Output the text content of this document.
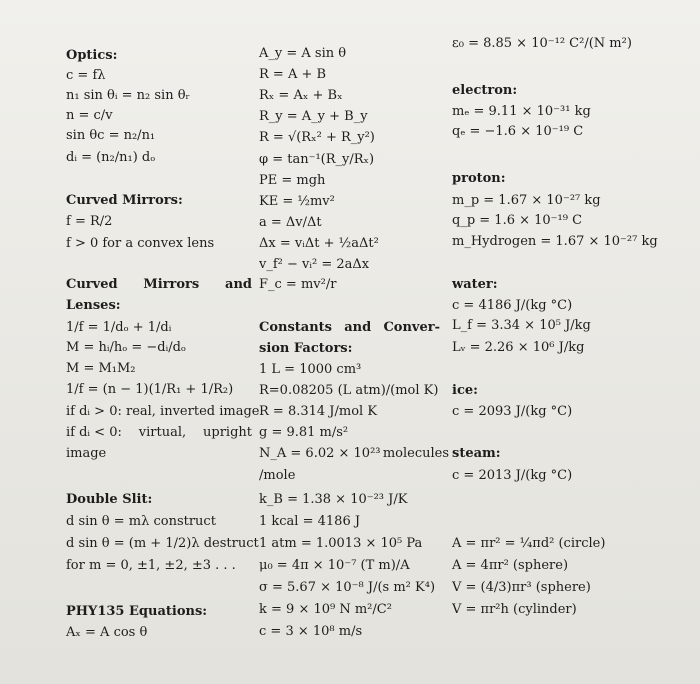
Optics:
c = fλ
n₁ sin θᵢ = n₂ sin θᵣ
n = c/v
sin θc = n₂/n₁
dᵢ = (n₂/n₁) dₒ
Curved Mirrors:
f = R/2
f > 0 for a convex lens
Curved Mirrors and
Lenses:
1/f = 1/dₒ + 1/dᵢ
M = hᵢ/hₒ = −dᵢ/dₒ
M = M₁M₂
1/f = (n − 1)(1/R₁ + 1/R₂)
if dᵢ > 0: real, inverted image
if dᵢ < 0: virtual, upright
image
Double Slit:
d sin θ = mλ construct
d sin θ = (m + 1/2)λ destruct
for m = 0, ±1, ±2, ±3 . . .
PHY135 Equations:
Aₓ = A cos θ
A_y = A sin θ
R = A + B
Rₓ = Aₓ + Bₓ
R_y = A_y + B_y
R = √(Rₓ² + R_y²)
φ = tan⁻¹(R_y/Rₓ)
PE = mgh
KE = ½mv²
a = Δv/Δt
Δx = vᵢΔt + ½aΔt²
v_f² − vᵢ² = 2aΔx
F_c = mv²/r
Constants and Conver-
sion Factors:
1 L = 1000 cm³
R=0.08205 (L atm)/(mol K)
R = 8.314 J/mol K
g = 9.81 m/s²
N_A = 6.02 × 10²³ molecules
/mole
k_B = 1.38 × 10⁻²³ J/K
1 kcal = 4186 J
1 atm = 1.0013 × 10⁵ Pa
μ₀ = 4π × 10⁻⁷ (T m)/A
σ = 5.67 × 10⁻⁸ J/(s m² K⁴)
k = 9 × 10⁹ N m²/C²
c = 3 × 10⁸ m/s
ε₀ = 8.85 × 10⁻¹² C²/(N m²)
electron:
mₑ = 9.11 × 10⁻³¹ kg
qₑ = −1.6 × 10⁻¹⁹ C
proton:
m_p = 1.67 × 10⁻²⁷ kg
q_p = 1.6 × 10⁻¹⁹ C
m_Hydrogen = 1.67 × 10⁻²⁷ kg
water:
c = 4186 J/(kg °C)
L_f = 3.34 × 10⁵ J/kg
Lᵥ = 2.26 × 10⁶ J/kg
ice:
c = 2093 J/(kg °C)
steam:
c = 2013 J/(kg °C)
A = πr² = ¼πd² (circle)
A = 4πr² (sphere)
V = (4/3)πr³ (sphere)
V = πr²h (cylinder)
